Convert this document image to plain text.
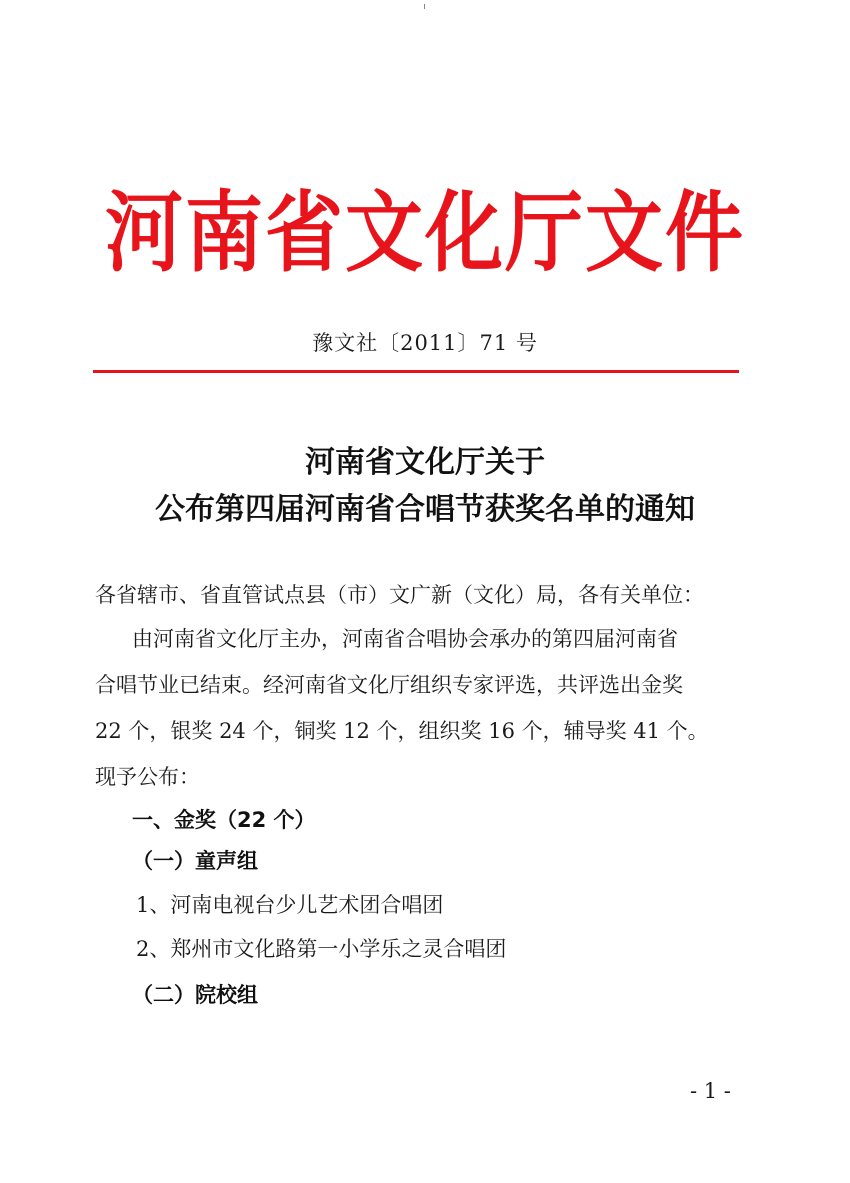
河南省文化厅文件
豫文社〔2011〕71 号
河南省文化厅关于
公布第四届河南省合唱节获奖名单的通知
各省辖市、省直管试点县（市）文广新（文化）局，各有关单位：
由河南省文化厅主办，河南省合唱协会承办的第四届河南省
合唱节业已结束。经河南省文化厅组织专家评选，共评选出金奖
22 个，银奖 24 个，铜奖 12 个，组织奖 16 个，辅导奖 41 个。
现予公布：
一、金奖（22 个）
（一）童声组
1、河南电视台少儿艺术团合唱团
2、郑州市文化路第一小学乐之灵合唱团
（二）院校组
- 1 -
